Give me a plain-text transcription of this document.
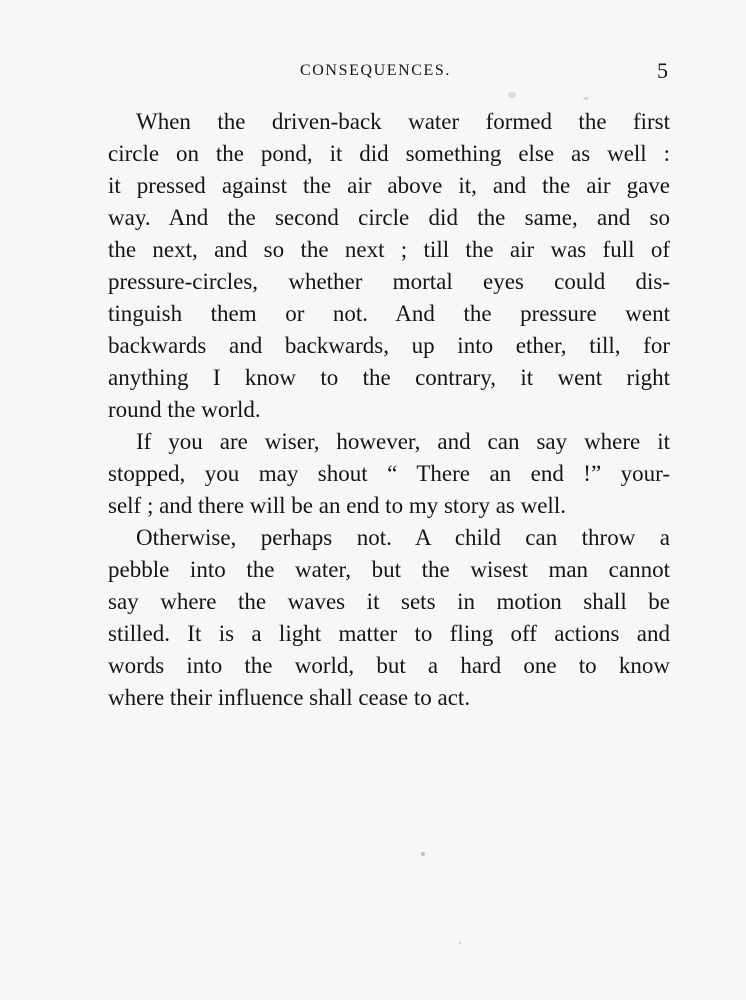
CONSEQUENCES.	5
When the driven-back water formed the first
circle on the pond, it did something else as well :
it pressed against the air above it, and the air gave
way. And the second circle did the same, and so
the next, and so the next ; till the air was full of
pressure-circles, whether mortal eyes could dis-
tinguish them or not. And the pressure went
backwards and backwards, up into ether, till, for
anything I know to the contrary, it went right
round the world.
If you are wiser, however, and can say where it
stopped, you may shout “ There an end !” your-
self ; and there will be an end to my story as well.
Otherwise, perhaps not. A child can throw a
pebble into the water, but the wisest man cannot
say where the waves it sets in motion shall be
stilled. It is a light matter to fling off actions and
words into the world, but a hard one to know
where their influence shall cease to act.
